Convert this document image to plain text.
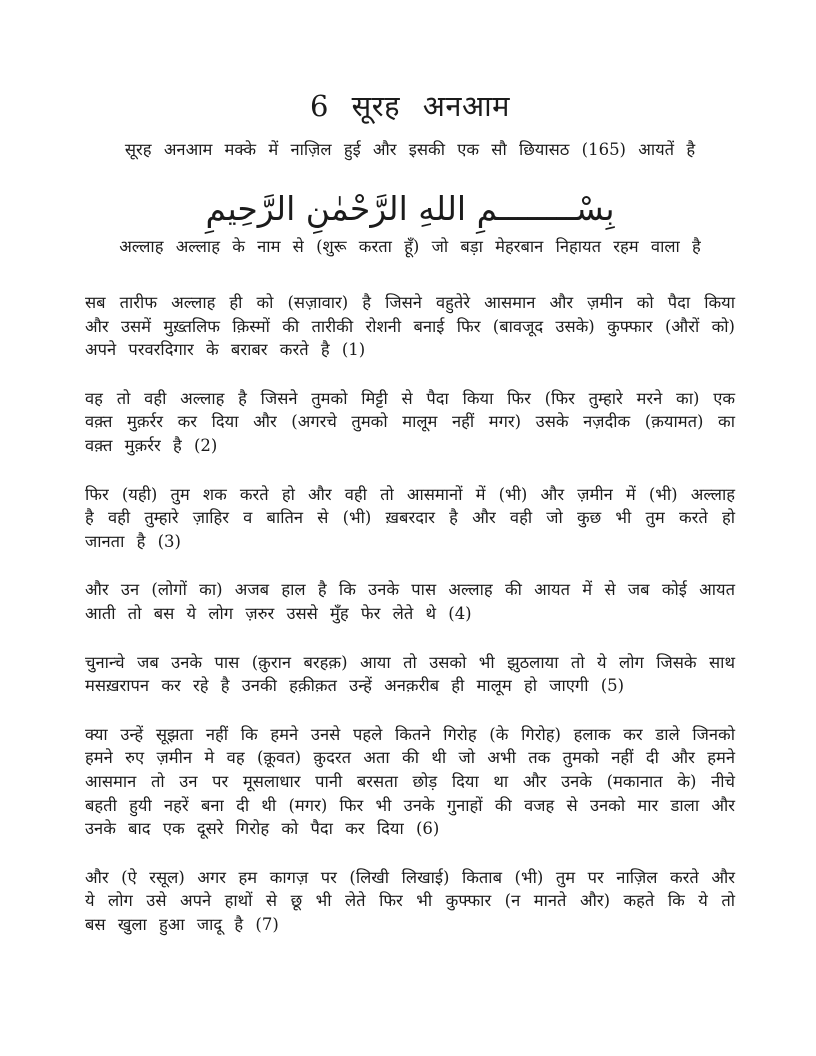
6 सूरह अनआम

सूरह अनआम मक्के में नाज़िल हुई और इसकी एक सौ छियासठ (165) आयतें है

بِسْــــــــمِ اللهِ الرَّحْمٰنِ الرَّحِيمِ

अल्लाह अल्लाह के नाम से (शुरू करता हूँ) जो बड़ा मेहरबान निहायत रहम वाला है

सब तारीफ अल्लाह ही को (सज़ावार) है जिसने वहुतेरे आसमान और ज़मीन को पैदा किया और उसमें मुख़्तलिफ क़िस्मों की तारीकी रोशनी बनाई फिर (बावजूद उसके) कुफ्फार (औरों को) अपने परवरदिगार के बराबर करते है (1)

वह तो वही अल्लाह है जिसने तुमको मिट्टी से पैदा किया फिर (फिर तुम्हारे मरने का) एक वक़्त मुक़र्रर कर दिया और (अगरचे तुमको मालूम नहीं मगर) उसके नज़दीक (क़यामत) का वक़्त मुक़र्रर है (2)

फिर (यही) तुम शक करते हो और वही तो आसमानों में (भी) और ज़मीन में (भी) अल्लाह है वही तुम्हारे ज़ाहिर व बातिन से (भी) ख़बरदार है और वही जो कुछ भी तुम करते हो जानता है (3)

और उन (लोगों का) अजब हाल है कि उनके पास अल्लाह की आयत में से जब कोई आयत आती तो बस ये लोग ज़रुर उससे मुँह फेर लेते थे (4)

चुनान्चे जब उनके पास (क़ुरान बरहक़) आया तो उसको भी झुठलाया तो ये लोग जिसके साथ मसख़रापन कर रहे है उनकी हक़ीक़त उन्हें अनक़रीब ही मालूम हो जाएगी (5)

क्या उन्हें सूझता नहीं कि हमने उनसे पहले कितने गिरोह (के गिरोह) हलाक कर डाले जिनको हमने रुए ज़मीन मे वह (क़ूवत) क़ुदरत अता की थी जो अभी तक तुमको नहीं दी और हमने आसमान तो उन पर मूसलाधार पानी बरसता छोड़ दिया था और उनके (मकानात के) नीचे बहती हुयी नहरें बना दी थी (मगर) फिर भी उनके गुनाहों की वजह से उनको मार डाला और उनके बाद एक दूसरे गिरोह को पैदा कर दिया (6)

और (ऐ रसूल) अगर हम कागज़ पर (लिखी लिखाई) किताब (भी) तुम पर नाज़िल करते और ये लोग उसे अपने हाथों से छू भी लेते फिर भी कुफ्फार (न मानते और) कहते कि ये तो बस खुला हुआ जादू है (7)
